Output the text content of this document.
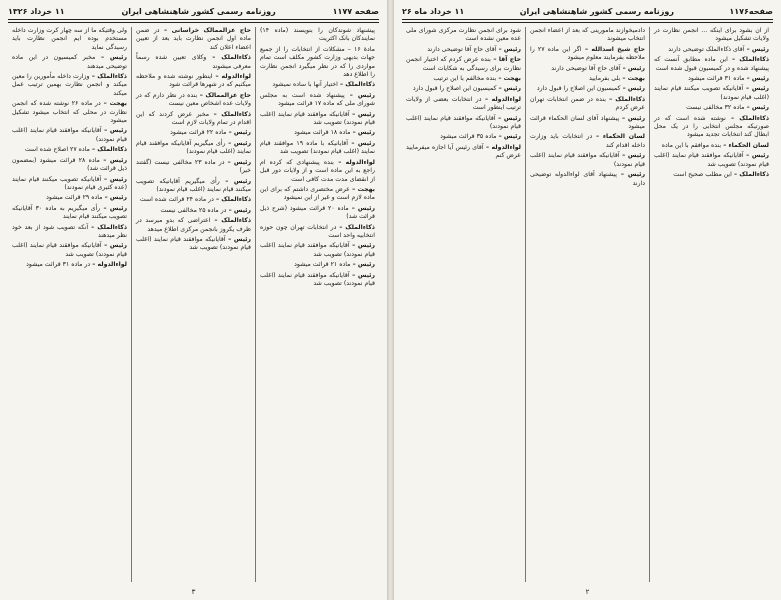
صفحه ۱۱۷۷
روزنامه رسمی کشور شاهنشاهی ایران
۱۱ خرداد ۱۳۲۶

پیشنهاد شوندکان را بنویسند (ماده ۱۴) نمایندکان بانک اکثریت

مادهٔ ۱۶ – مشکلات از انتخابات را از جمیع جهات بدیهی وزارت کشور مکلف است تمام مواردی را که در نظر میگیرد انجمن نظارت را اطلاع دهد

ذکاءالملک – اختیار آنها با ساده نمیشود

رئیس – پیشنهاد شده است به مجلس شورای ملی که ماده ۱۷ قرائت میشود

رئیس – آقایانیکه موافقند قیام نمایند (اغلب قیام نمودند) تصویب شد

رئیس – ماده ۱۸ قرائت میشود

رئیس – آقایانیکه با ماده ۱۹ موافقند قیام نمایند (اغلب قیام نمودند) تصویب شد

لواءالدوله – بنده پیشنهادی که کرده ام راجع به این ماده است و از ولایات دور قبل از انقضای مدت مدت کافی است

بهجت – عرض مختصری داشتم که برای این ماده لازم است و غیر از این نمیشود

رئیس – ماده ۲۰ قرائت میشود (شرح ذیل قرائت شد)

ذکاءالملک – در انتخابات تهران چون حوزه انتخابیه واحد است

رئیس – آقایانیکه موافقند قیام نمایند (اغلب قیام نمودند) تصویب شد

رئیس – ماده ۲۱ قرائت میشود

رئیس – آقایانیکه موافقند قیام نمایند (اغلب قیام نمودند) تصویب شد

حاج عزالممالک خراسانی – در ضمن ماده اول انجمن نظارت باید بعد از تعیین اعضاء اعلان کند

ذکاءالملک – وکلای تعیین شده رسماً معرفی میشوند

لواءالدوله – اینطور نوشته شده و ملاحظه میکنیم که در شهرها قرائت شود

حاج عزالممالک – بنده در نظر دارم که در ولایات عده اشخاص معین نیست

ذکاءالملک – مخبر عرض کردند که این اقدام در تمام ولایات لازم است

رئیس – ماده ۲۲ قرائت میشود

رئیس – رأی میگیریم آقایانیکه موافقند قیام نمایند (اغلب قیام نمودند)

رئیس – در ماده ۲۳ مخالفی نیست (گفتند خیر)

رئیس – رأی میگیریم آقایانیکه تصویب میکنند قیام نمایند (اغلب قیام نمودند)

ذکاءالملک – در ماده ۲۴ قرائت شده است

رئیس – در ماده ۲۵ مخالفی نیست

ذکاءالملک – اعتراضی که بدو میرسد در ظرف یکروز بانجمن مرکزی اطلاع میدهد

رئیس – آقایانیکه موافقند قیام نمایند (اغلب قیام نمودند) تصویب شد

ولی وقتیکه ما از سه چهار کرت وزارت داخله مستخدم بوده ایم انجمن نظارت باید رسیدگی نماید

رئیس – مخبر کمیسیون در این ماده توضیحی میدهند

ذکاءالملک – وزارت داخله مأمورین را معین میکند و انجمن نظارت بهمین ترتیب عمل میکند

بهجت – در ماده ۲۶ نوشته شده که انجمن نظارت در محلی که انتخاب میشود تشکیل میشود

رئیس – آقایانیکه موافقند قیام نمایند (اغلب قیام نمودند)

ذکاءالملک – ماده ۲۷ اصلاح شده است

رئیس – ماده ۲۸ قرائت میشود (بمضمون ذیل قرائت شد)

رئیس – آقایانیکه تصویب میکنند قیام نمایند (عده کثیری قیام نمودند)

رئیس – ماده ۲۹ قرائت میشود

رئیس – رأی میگیریم به ماده ۳۰ آقایانیکه تصویب میکنند قیام نمایند

ذکاءالملک – آنکه تصویب شود از بعد خود نظر میدهند

رئیس – آقایانیکه موافقند قیام نمایند (اغلب قیام نمودند) تصویب شد

لواءالدوله – در ماده ۳۱ قرائت میشود

۳
صفحه۱۱۷۶
روزنامه رسمی کشور شاهنشاهی ایران
۱۱ خرداد ماه ۲۶

از آن بشود برای اینکه ... انجمن نظارت در ولایات تشکیل میشود

رئیس – آقای ذکاءالملک توضیحی دارند

ذکاءالملک – این ماده مطابق آنست که پیشنهاد شده و در کمیسیون قبول شده است

رئیس – ماده ۳۱ قرائت میشود

رئیس – آقایانیکه تصویب میکنند قیام نمایند (اغلب قیام نمودند)

رئیس – ماده ۳۲ مخالفی نیست

ذکاءالملک – نوشته شده است که در صورتیکه مجلس انتخابی را در یک محل ابطال کند انتخابات تجدید میشود

لسان الحکماء – بنده موافقم با این ماده

رئیس – آقایانیکه موافقند قیام نمایند (اغلب قیام نمودند) تصویب شد

ذکاءالملک – این مطلب صحیح است

دادمیخوازند مامورینی که بعد از اعضاء انجمن انتخاب میشوند

حاج شیخ اسدالله – اگر این ماده ۲۷ را ملاحظه بفرمایند معلوم میشود

رئیس – آقای حاج آقا توضیحی دارند

بهجت – بلی بفرمایید

رئیس – کمیسیون این اصلاح را قبول دارد

ذکاءالملک – بنده در ضمن انتخابات تهران عرض کردم

رئیس – پیشنهاد آقای لسان الحکماء قرائت میشود

لسان الحکماء – در انتخابات باید وزارت داخله اقدام کند

رئیس – آقایانیکه موافقند قیام نمایند (اغلب قیام نمودند)

رئیس – پیشنهاد آقای لواءالدوله توضیحی دارند

شود برای انجمن نظارت مرکزی شورای ملی عده معین نشده است

رئیس – آقای حاج آقا توضیحی دارند

حاج آقا – بنده عرض کردم که اختیار انجمن نظارت برای رسیدگی به شکایات است

بهجت – بنده مخالفم با این ترتیب

رئیس – کمیسیون این اصلاح را قبول دارد

لواءالدوله – در انتخابات بعضی از ولایات ترتیب اینطور است

رئیس – آقایانیکه موافقند قیام نمایند (اغلب قیام نمودند)

رئیس – ماده ۳۵ قرائت میشود

لواءالدوله – آقای رئیس آیا اجازه میفرمایید عرض کنم

۲
